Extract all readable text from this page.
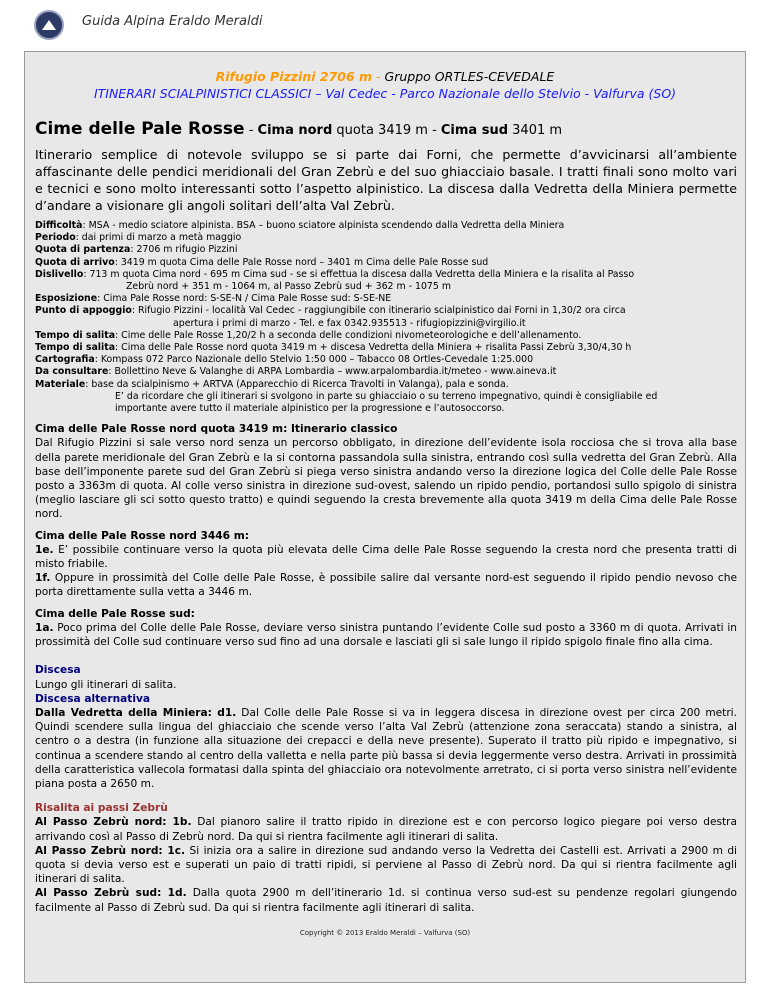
Guida Alpina Eraldo Meraldi
Rifugio Pizzini 2706 m - Gruppo ORTLES-CEVEDALE
ITINERARI SCIALPINISTICI CLASSICI – Val Cedec - Parco Nazionale dello Stelvio - Valfurva (SO)
Cime delle Pale Rosse - Cima nord quota 3419 m - Cima sud 3401 m
Itinerario semplice di notevole sviluppo se si parte dai Forni, che permette d’avvicinarsi all’ambiente affascinante delle pendici meridionali del Gran Zebrù e del suo ghiacciaio basale. I tratti finali sono molto vari e tecnici e sono molto interessanti sotto l’aspetto alpinistico. La discesa dalla Vedretta della Miniera permette d’andare a visionare gli angoli solitari dell’alta Val Zebrù.
Difficoltà: MSA - medio sciatore alpinista. BSA – buono sciatore alpinista scendendo dalla Vedretta della Miniera
Periodo: dai primi di marzo a metà maggio
Quota di partenza: 2706 m rifugio Pizzini
Quota di arrivo: 3419 m quota Cima delle Pale Rosse nord – 3401 m Cima delle Pale Rosse sud
Dislivello: 713 m quota Cima nord - 695 m Cima sud - se si effettua la discesa dalla Vedretta della Miniera e la risalita al Passo
Zebrù nord + 351 m - 1064 m, al Passo Zebrù sud + 362 m - 1075 m
Esposizione: Cima Pale Rosse nord: S-SE-N / Cima Pale Rosse sud: S-SE-NE
Punto di appoggio: Rifugio Pizzini - località Val Cedec - raggiungibile con itinerario scialpinistico dai Forni in 1,30/2 ora circa
apertura i primi di marzo - Tel. e fax 0342.935513 - rifugiopizzini@virgilio.it
Tempo di salita: Cime delle Pale Rosse 1,20/2 h a seconda delle condizioni nivometeorologiche e dell’allenamento.
Tempo di salita: Cima delle Pale Rosse nord quota 3419 m + discesa Vedretta della Miniera + risalita Passi Zebrù 3,30/4,30 h
Cartografia: Kompass 072 Parco Nazionale dello Stelvio 1:50 000 – Tabacco 08 Ortles-Cevedale 1:25.000
Da consultare: Bollettino Neve & Valanghe di ARPA Lombardia – www.arpalombardia.it/meteo - www.aineva.it
Materiale: base da scialpinismo + ARTVA (Apparecchio di Ricerca Travolti in Valanga), pala e sonda.
E’ da ricordare che gli itinerari si svolgono in parte su ghiacciaio o su terreno impegnativo, quindi è consigliabile ed
importante avere tutto il materiale alpinistico per la progressione e l’autosoccorso.
Cima delle Pale Rosse nord quota 3419 m: Itinerario classico
Dal Rifugio Pizzini si sale verso nord senza un percorso obbligato, in direzione dell’evidente isola rocciosa che si trova alla base della parete meridionale del Gran Zebrù e la si contorna passandola sulla sinistra, entrando così sulla vedretta del Gran Zebrù. Alla base dell’imponente parete sud del Gran Zebrù si piega verso sinistra andando verso la direzione logica del Colle delle Pale Rosse posto a 3363m di quota. Al colle verso sinistra in direzione sud-ovest, salendo un ripido pendio, portandosi sullo spigolo di sinistra (meglio lasciare gli sci sotto questo tratto) e quindi seguendo la cresta brevemente alla quota 3419 m della Cima delle Pale Rosse nord.
Cima delle Pale Rosse nord 3446 m:
1e. E’ possibile continuare verso la quota più elevata delle Cima delle Pale Rosse seguendo la cresta nord che presenta tratti di misto friabile.
1f. Oppure in prossimità del Colle delle Pale Rosse, è possibile salire dal versante nord-est seguendo il ripido pendio nevoso che porta direttamente sulla vetta a 3446 m.
Cima delle Pale Rosse sud:
1a. Poco prima del Colle delle Pale Rosse, deviare verso sinistra puntando l’evidente Colle sud posto a 3360 m di quota. Arrivati in prossimità del Colle sud continuare verso sud fino ad una dorsale e lasciati gli si sale lungo il ripido spigolo finale fino alla cima.
Discesa
Lungo gli itinerari di salita.
Discesa alternativa
Dalla Vedretta della Miniera: d1. Dal Colle delle Pale Rosse si va in leggera discesa in direzione ovest per circa 200 metri. Quindi scendere sulla lingua del ghiacciaio che scende verso l’alta Val Zebrù (attenzione zona seraccata) stando a sinistra, al centro o a destra (in funzione alla situazione dei crepacci e della neve presente). Superato il tratto più ripido e impegnativo, si continua a scendere stando al centro della valletta e nella parte più bassa si devia leggermente verso destra. Arrivati in prossimità della caratteristica vallecola formatasi dalla spinta del ghiacciaio ora notevolmente arretrato, ci si porta verso sinistra nell’evidente piana posta a 2650 m.
Risalita ai passi Zebrù
Al Passo Zebrù nord: 1b. Dal pianoro salire il tratto ripido in direzione est e con percorso logico piegare poi verso destra arrivando così al Passo di Zebrù nord. Da qui si rientra facilmente agli itinerari di salita.
Al Passo Zebrù nord: 1c. Si inizia ora a salire in direzione sud andando verso la Vedretta dei Castelli est. Arrivati a 2900 m di quota si devia verso est e superati un paio di tratti ripidi, si perviene al Passo di Zebrù nord. Da qui si rientra facilmente agli itinerari di salita.
Al Passo Zebrù sud: 1d. Dalla quota 2900 m dell’itinerario 1d. si continua verso sud-est su pendenze regolari giungendo facilmente al Passo di Zebrù sud. Da qui si rientra facilmente agli itinerari di salita.
Copyright © 2013 Eraldo Meraldi – Valfurva (SO)
